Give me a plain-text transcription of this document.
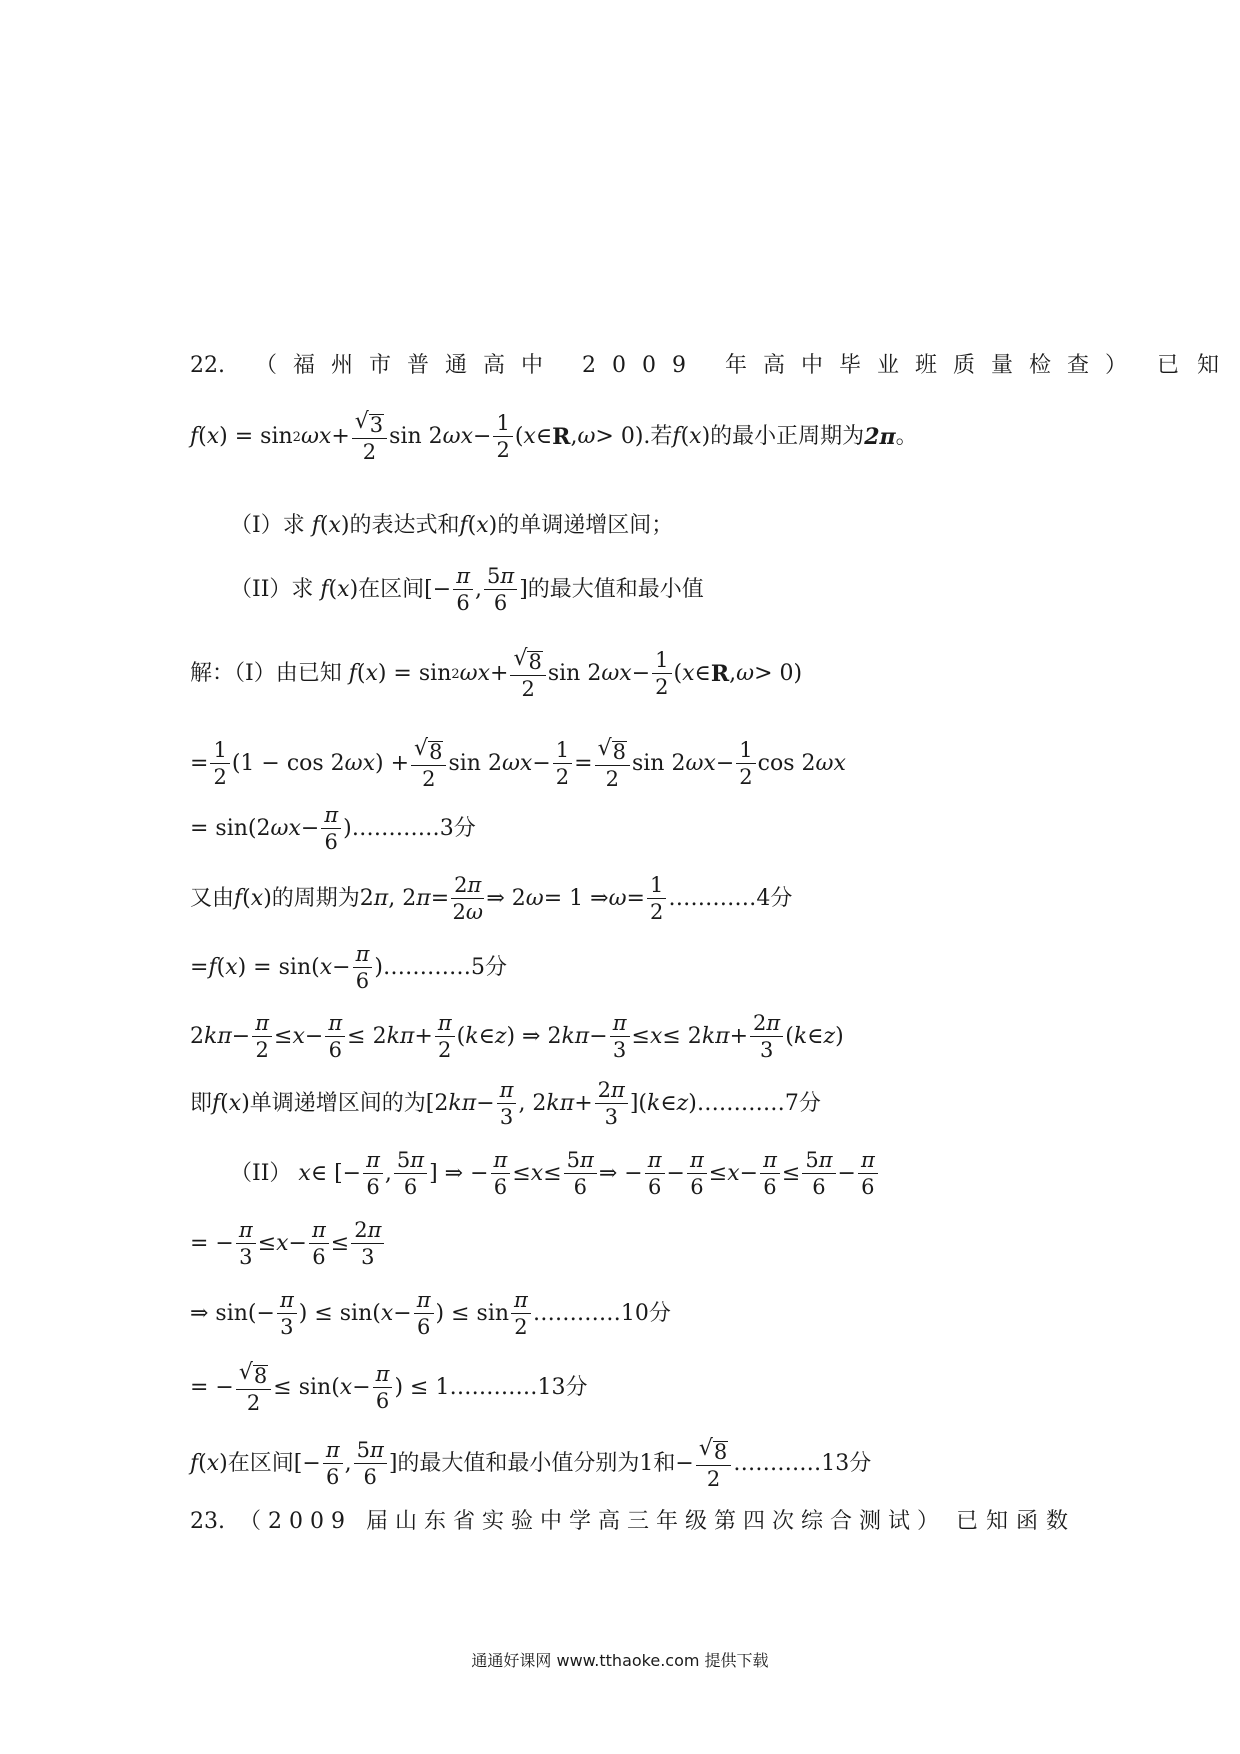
22. （福州市普通高中 2009 年高中毕业班质量检查） 已知
f ( x ) = sin 2 $\omega x + \frac{√ 3}{2}$ sin 2 $\omega x - \frac{1}{2}$ ( x ∈ R , ω > 0). 若 f ( x ) 的最小正周期为 2π 。
（I） 求 f ( x ) 的表达式和 f ( x ) 的单调递增区间；
（II） 求 f ( x ) 在区间 [− $\frac{\pi}{6}$ , $\frac{5\pi}{6}$ ] 的最大值和最小值
解：（I）由已知 f ( x ) = sin 2 $\omega x + \frac{√ 8}{2}$ sin 2 $\omega x - \frac{1}{2}$ ( x ∈ R , ω > 0)
= $\frac{1}{2} (1 - \cos 2$ ωx ) + $\frac{√ 8}{2}$ sin 2 $\omega x - \frac{1}{2} = \frac{√ 8}{2}$ sin 2 $\omega x - \frac{1}{2}$ cos 2 ωx
= sin(2 $\omega x - \frac{\pi}{6}$ ) …………3分
又由 f ( x ) 的周期为 2 π , 2 $\pi = \frac{2\pi}{2\omega}$ ⇒ 2 ω = 1 ⇒ $\omega = \frac{1}{2}$ …………4分
= f ( x ) = sin( $x - \frac{\pi}{6}$ ) …………5分
2 $k\pi - \frac{\pi}{2} \le x - \frac{\pi}{6} \le 2$ $k\pi + \frac{\pi}{2}$ ( k ∈ z ) ⇒ 2 $k\pi - \frac{\pi}{3} \le x \le 2$ $k\pi + \frac{2\pi}{3}$ ( k ∈ z )
即 f ( x ) 单调递增区间的为 [2 $k\pi - \frac{\pi}{3}$ , 2 $k\pi + \frac{2\pi}{3}$ ]( k ∈ z ) …………7分
（II）
x ∈ [− $\frac{\pi}{6}$ , $\frac{5\pi}{6}$ ] ⇒ − $\frac{\pi}{6} \le x \le \frac{5\pi}{6}$ ⇒ − $\frac{\pi}{6} - \frac{\pi}{6} \le x - \frac{\pi}{6} \le \frac{5\pi}{6} - \frac{\pi}{6}$
= − $\frac{\pi}{3} \le x - \frac{\pi}{6} \le \frac{2\pi}{3}$
⇒ $\sin(- \frac{\pi}{3}$ ) ≤ sin( $x - \frac{\pi}{6}$ ) ≤ $\sin \frac{\pi}{2}$ …………10分
= − $\frac{√ 8}{2} \le \sin$( $x - \frac{\pi}{6}$ ) ≤ 1 …………13分
f ( x ) 在区间 [− $\frac{\pi}{6}$ , $\frac{5\pi}{6}$ ] 的最大值和最小值分别为1和 − $\frac{√ 8}{2}$ …………13分
23. （2009 届山东省实验中学高三年级第四次综合测试） 已知函数
通通好课网 www.tthaoke.com 提供下载
